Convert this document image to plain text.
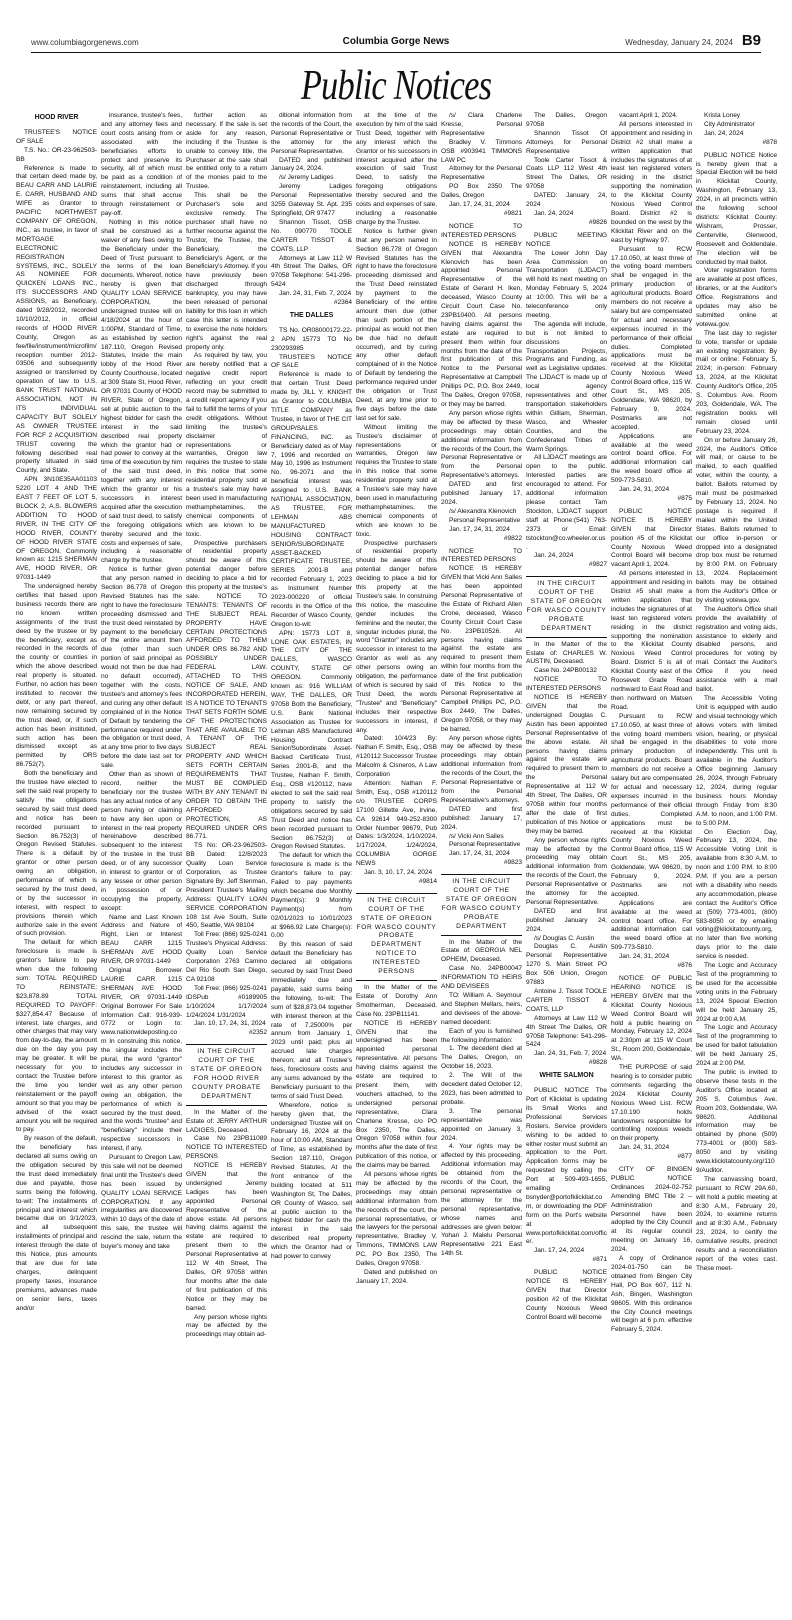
www.columbiagorgenews.com	Columbia Gorge News	Wednesday, January 24, 2024 B9
Public Notices
HOOD RIVER
TRUSTEE'S NOTICE OF SALE
T.S. No.: OR-23-962503-BB
Reference is made to that certain deed made by, BEAU CARR AND LAURIE E. CARR, HUSBAND AND WIFE as Grantor to PACIFIC NORTHWEST COMPANY OF OREGON, INC., as trustee, in favor of MORTGAGE ELECTRONIC REGISTRATION SYSTEMS, INC., SOLELY AS NOMINEE FOR QUICKEN LOANS INC., ITS SUCCESSORS AND ASSIGNS, as Beneficiary, dated 9/28/2012, recorded 10/10/2012, in official records of HOOD RIVER County, Oregon as fee/file/instrument/microfilm/reception number 2012-03506 and subsequently assigned or transferred by operation of law to U.S. BANK TRUST NATIONAL ASSOCIATION, NOT IN ITS INDIVIDUAL CAPACITY BUT SOLELY AS OWNER TRUSTEE FOR RCF 2 ACQUISITION TRUST covering the following described real property situated in said County, and State.
APN 3N10E35AA01103 5220 LOT 4 AND THE EAST 7 FEET OF LOT 5, BLOCK 2, A.S. BLOWERS ADDITION TO HOOD RIVER, IN THE CITY OF HOOD RIVER, COUNTY OF HOOD RIVER STATE OF OREGON. Commonly known as: 1215 SHERMAN AVE, HOOD RIVER, OR 97031-1449
The undersigned hereby certifies that based upon business records there are no known written assignments of the trust deed by the trustee or by the beneficiary, except as recorded in the records of the county or counties in which the above described real property is situated. Further, no action has been instituted to recover the debt, or any part thereof, now remaining secured by the trust deed, or, if such action has been instituted, such action has been dismissed except as permitted by ORS 86.752(7).
Both the beneficiary and the trustee have elected to sell the said real property to satisfy the obligations secured by said trust deed and notice has been recorded pursuant to Section 86.752(3) of Oregon Revised Statutes. There is a default by grantor or other person owing an obligation, performance of which is secured by the trust deed, or by the successor in interest, with respect to provisions therein which authorize sale in the event of such provision.
The default for which foreclosure is made is grantor's failure to pay when due the following sum: TOTAL REQUIRED TO REINSTATE: $23,878.89 TOTAL REQUIRED TO PAYOFF: $327,854.47 Because of interest, late charges, and other charges that may vary from day-to-day, the amount due on the day you pay may be greater. It will be necessary for you to contact the Trustee before the time you tender reinstatement or the payoff amount so that you may be advised of the exact amount you will be required to pay.
By reason of the default, the beneficiary has declared all sums owing on the obligation secured by the trust deed immediately due and payable, those sums being the following, to-wit: The installments of principal and interest which became due on 3/1/2023, and all subsequent installments of principal and interest through the date of this Notice, plus amounts that are due for late charges, delinquent property taxes, insurance premiums, advances made on senior liens, taxes and/or
insurance, trustee's fees, and any attorney fees and court costs arising from or associated with the beneficiaries efforts to protect and preserve its security, all of which must be paid as a condition of reinstatement, including all sums that shall accrue through reinstatement or pay-off.
Nothing in this notice shall be construed as a waiver of any fees owing to the Beneficiary under the Deed of Trust pursuant to the terms of the loan documents. Whereof, notice hereby is given that QUALITY LOAN SERVICE CORPORATION, the undersigned trustee will on 4/18/2024 at the hour of 1:00PM, Standard of Time, as established by section 187.110, Oregon Revised Statutes, Inside the main lobby of the Hood River County Courthouse, located at 309 State St, Hood River, OR 97031 County of HOOD RIVER, State of Oregon, sell at public auction to the highest bidder for cash the interest in the said described real property which the grantor had or had power to convey at the time of the execution by him of the said trust deed, together with any interest which the grantor or his successors in interest acquired after the execution of said trust deed, to satisfy the foregoing obligations thereby secured and the costs and expenses of sale, including a reasonable charge by the trustee.
Notice is further given that any person named in Section 86.778 of Oregon Revised Statutes has the right to have the foreclosure proceeding dismissed and the trust deed reinstated by payment to the beneficiary of the entire amount then due (other than such portion of said principal as would not then be due had no default occurred), together with the costs, trustee's and attorney's fees and curing any other default complained of in the Notice of Default by tendering the performance required under the obligation or trust deed, at any time prior to five days before the date last set for sale.
Other than as shown of record, neither the beneficiary nor the trustee has any actual notice of any person having or claiming to have any lien upon or interest in the real property hereinabove described subsequent to the interest of the trustee in the trust deed, or of any successor in interest to grantor or of any lessee or other person in possession of or occupying the property, except:
Name and Last Known Address and Nature of Right, Lien or Interest BEAU CARR 1215 SHERMAN AVE HOOD RIVER, OR 97031-1449
Original Borrower LAURIE CARR 1215 SHERMAN AVE HOOD RIVER, OR 97031-1449 Original Borrower For Sale Information Call: 916-939-0772 or Login to: www.nationwideposting.com In construing this notice, the singular includes the plural, the word "grantor" includes any successor in interest to this grantor as well as any other person owing an obligation, the performance of which is secured by the trust deed, and the words "trustee" and "beneficiary" include their respective successors in interest, if any.
Pursuant to Oregon Law, this sale will not be deemed final until the Trustee's deed has been issued by QUALITY LOAN SERVICE CORPORATION. If any irregularities are discovered within 10 days of the date of this sale, the trustee will rescind the sale, return the buyer's money and take
further action as necessary. If the sale is set aside for any reason, including if the Trustee is unable to convey title, the Purchaser at the sale shall be entitled only to a return of the monies paid to the Trustee.
This shall be the Purchaser's sole and exclusive remedy. The purchaser shall have no further recourse against the Trustor, the Trustee, the Beneficiary, the Beneficiary's Agent, or the Beneficiary's Attorney. If you have previously been discharged through bankruptcy, you may have been released of personal liability for this loan in which case this letter is intended to exercise the note holders right's against the real property only.
As required by law, you are hereby notified that a negative credit report reflecting on your credit record may be submitted to a credit report agency if you fail to fulfill the terms of your credit obligations. Without limiting the trustee's disclaimer of representations or warranties, Oregon law requires the trustee to state in this notice that some residential property sold at a trustee's sale may have been used in manufacturing methamphetamines, the chemical components of which are known to be toxic.
Prospective purchasers of residential property should be aware of this potential danger before deciding to place a bid for this property at the trustee's sale. NOTICE TO TENANTS: TENANTS OF THE SUBJECT REAL PROPERTY HAVE CERTAIN PROTECTIONS AFFORDED TO THEM UNDER ORS 86.782 AND POSSIBLY UNDER FEDERAL LAW. ATTACHED TO THIS NOTICE OF SALE, AND INCORPORATED HEREIN, IS A NOTICE TO TENANTS THAT SETS FORTH SOME OF THE PROTECTIONS THAT ARE AVAILABLE TO A TENANT OF THE SUBJECT REAL PROPERTY AND WHICH SETS FORTH CERTAIN REQUIREMENTS THAT MUST BE COMPLIED WITH BY ANY TENANT IN ORDER TO OBTAIN THE AFFORDED PROTECTION, AS REQUIRED UNDER ORS 86.771.
TS No: OR-23-962503-BB Dated: 12/8/2023 Quality Loan Service Corporation, as Trustee Signature By: Jeff Stenman, President Trustee's Mailing Address: QUALITY LOAN SERVICE CORPORATION 108 1st Ave South, Suite 450, Seattle, WA 98104
Toll Free: (866) 925-0241 Trustee's Physical Address: Quality Loan Service Corporation 2763 Camino Del Rio South San Diego, CA 92108
Toll Free: (866) 925-0241 IDSPub #0189905 1/10/2024 1/17/2024 1/24/2024 1/31/2024
Jan. 10, 17, 24, 31, 2024
#2352
IN THE CIRCUIT COURT OF THE STATE OF OREGON FOR HOOD RIVER COUNTY PROBATE DEPARTMENT
In the Matter of the Estate of: JERRY ARTHUR LADIGES, Deceased.
Case No 23PB11089 NOTICE TO INTERESTED PERSONS
NOTICE IS HEREBY GIVEN that the undersigned Jeremy Ladiges has been appointed Personal Representative of the above estate. All persons having claims against the estate are required to present them to the Personal Representative at 112 W 4th Street, The Dalles, OR 97058 within four months after the date of first publication of this Notice or they may be barred.
Any person whose rights may be affected by the proceedings may obtain ad-
ditional information from the records of the Court, the Personal Representative or the attorney for the Personal Representative.
DATED and published January 24, 2024.
/s/ Jeremy Ladiges
Jeremy Ladiges Personal Representative 3255 Gateway St. Apt. 235 Springfield, OR 97477
Shannon Tissot, OSB No. 090770 TOOLE CARTER TISSOT & COATS, LLP
Attorneys at Law 112 W 4th Street The Dalles, OR 97058 Telephone: 541-296-5424
Jan. 24, 31, Feb. 7, 2024
#2364
THE DALLES
TS No. OR08000172-22-2 APN 15773 TO No 230293985
TRUSTEE'S NOTICE OF SALE
Reference is made to that certain Trust Deed made by, JILL Y. KNIGHT as Grantor to COLUMBIA TITLE COMPANY as Trustee, in favor of THE CIT GROUP/SALES FINANCING, INC. as Beneficiary dated as of May 7, 1996 and recorded on May 10, 1996 as Instrument No. 96-2071 and the beneficial interest was assigned to U.S. BANK NATIONAL ASSOCIATION, AS TRUSTEE, FOR LEHMAN ABS MANUFACTURED HOUSING CONTRACT SENIOR/SUBORDINATE ASSET-BACKED CERTIFICATE TRUSTEE, SERIES 2001-B and recorded February 1, 2023 as Instrument Number 2023-000220 of official records in the Office of the Recorder of Wasco County, Oregon to-wit:
APN: 15773 LOT 8, LONE OAK ESTATES, IN THE CITY OF THE DALLES, WASCO COUNTY, STATE OF OREGON. Commonly known as: 916 WILLIAM WAY, THE DALLES, OR 97058 Both the Beneficiary, U.S. Bank National Association as Trustee for Lehman ABS Manufactured Housing Contract Senior/Subordinate Asset-Backed Certificate Trust, Series 2001-B, and the Trustee, Nathan F. Smith, Esq., OSB #120112, have elected to sell the said real property to satisfy the obligations secured by said Trust Deed and notice has been recorded pursuant to Section 86.752(3) of Oregon Revised Statutes.
The default for which the foreclosure is made is the Grantor's failure to pay: Failed to pay payments which became due Monthly Payment(s): 9 Monthly Payment(s) from 02/01/2023 to 10/01/2023 at $966.92 Late Charge(s): 0.00
By this reason of said default the Beneficiary has declared all obligations secured by said Trust Deed immediately due and payable, said sums being the following, to-wit: The sum of $28,873.04 together with interest thereon at the rate of 7.25000% per annum from January 1, 2023 until paid; plus all accrued late charges thereon; and all Trustee's fees, foreclosure costs and any sums advanced by the Beneficiary pursuant to the terms of said Trust Deed.
Wherefore, notice is hereby given that, the undersigned Trustee will on February 16, 2024 at the hour of 10:00 AM, Standard of Time, as established by Section 187.110, Oregon Revised Statutes, At the front entrance of the building located at 511 Washington St, The Dalles, OR County of Wasco, sell at public auction to the highest bidder for cash the interest in the said described real property which the Grantor had or had power to convey
at the time of the execution by him of the said Trust Deed, together with any interest which the Grantor or his successors in interest acquired after the execution of said Trust Deed, to satisfy the foregoing obligations thereby secured and the costs and expenses of sale, including a reasonable charge by the Trustee.
Notice is further given that any person named in Section 86.778 of Oregon Revised Statutes has the right to have the foreclosure proceeding dismissed and the Trust Deed reinstated by payment to the Beneficiary of the entire amount then due (other than such portion of the principal as would not then be due had no default occurred), and by curing any other default complained of in the Notice of Default by tendering the performance required under the obligation or Trust Deed, at any time prior to five days before the date last set for sale.
Without limiting the Trustee's disclaimer of representations or warranties, Oregon law requires the Trustee to state in this notice that some residential property sold at a Trustee's sale may have been used in manufacturing methamphetamines, the chemical components of which are known to be toxic.
Prospective purchasers of residential property should be aware of this potential danger before deciding to place a bid for this property at the Trustee's sale. In construing this notice, the masculine gender includes the feminine and the neuter, the singular includes plural, the word "Grantor" includes any successor in interest to the Grantor as well as any other persons owing an obligation, the performance of which is secured by said Trust Deed, the words "Trustee" and "Beneficiary" includes their respective successors in interest, if any.
Dated: 10/4/23 By: Nathan F. Smith, Esq., OSB #120112 Successor Trustee Malcolm & Cisneros, A Law Corporation
Attention: Nathan F. Smith, Esq., OSB #120112 c/o TRUSTEE CORPS 17100 Gillette Ave, Irvine, CA 92614 949-252-8300 Order Number 98679, Pub Dates: 1/3/2024, 1/10/2024, 1/17/2024, 1/24/2024, COLUMBIA GORGE NEWS
Jan. 3, 10, 17, 24, 2024
#9814
IN THE CIRCUIT COURT OF THE STATE OF OREGON FOR WASCO COUNTY PROBATE DEPARTMENT NOTICE TO INTERESTED PERSONS
In the Matter of the Estate of Dorothy Ann Smotherman, Deceased. Case No. 23PB11141.
NOTICE IS HEREBY GIVEN that the undersigned has been appointed personal representative. All persons having claims against the estate are required to present them, with vouchers attached, to the undersigned personal representative, Clara Charlene Kresse, c/o PO Box 2350, The Dalles, Oregon 97058 within four months after the date of first publication of this notice, or the claims may be barred.
All persons whose rights may be affected by the proceedings may obtain additional information from the records of the court, the personal representative, or the lawyers for the personal representative, Bradley V. Timmons, TIMMONS LAW PC, PO Box 2350, The Dalles, Oregon 97058.
Dated and published on January 17, 2024.
/s/ Clara Charlene Kresse, Personal Representative
Bradley V. Timmons OSB #903941 TIMMONS LAW PC
Attorney for the Personal Representative
PO Box 2350 The Dalles, Oregon
Jan. 17, 24, 31, 2024
#9821
NOTICE TO INTERESTED PERSONS
NOTICE IS HEREBY GIVEN that Alexandra Klenovich has been appointed Personal Representative of the Estate of Gerard H. Iken, deceased, Wasco County Circuit Court Case No. 23PB10400. All persons having claims against the estate are required to present them within four months from the date of the first publication of this Notice to the Personal Representative at Campbell Phillips PC, P.O. Box 2449, The Dalles, Oregon 97058, or they may be barred.
Any person whose rights may be affected by these proceedings may obtain additional information from the records of the Court, the Personal Representative or from the Personal Representative's attorneys.
DATED and first published January 17, 2024.
/s/ Alexandra Klenovich
Personal Representative
Jan. 17, 24, 31, 2024
#9822
NOTICE TO INTERESTED PERSONS
NOTICE IS HEREBY GIVEN that Vicki Ann Salles has been appointed Personal Representative of the Estate of Richard Allen Crone, deceased, Wasco County Circuit Court Case No. 23PB10526. All persons having claims against the estate are required to present them within four months from the date of the first publication of this Notice to the Personal Representative at Campbell Phillips PC, P.O. Box 2449, The Dalles, Oregon 97058, or they may be barred.
Any person whose rights may be affected by these proceedings may obtain additional information from the records of the Court, the Personal Representative or from the Personal Representative's attorneys.
DATED and first published: January 17, 2024.
/s/ Vicki Ann Salles
Personal Representative
Jan. 17, 24, 31, 2024
#9823
IN THE CIRCUIT COURT OF THE STATE OF OREGON FOR WASCO COUNTY PROBATE DEPARTMENT
In the Matter of the Estate of: GEORGIA NEL OPHEIM, Deceased.
Case No. 24PB00047 INFORMATION TO HEIRS AND DEVISEES
TO: William A. Seymour and Stephen Mellars, heirs, and devisees of the above-named decedent:
Each of you is furnished the following information:
1. The decedent died at The Dalles, Oregon, on October 16, 2023.
2. The Will of the decedent dated October 12, 2023, has been admitted to probate.
3. The personal representative was appointed on January 3, 2024.
4. Your rights may be affected by this proceeding. Additional information may be obtained from the records of the Court, the personal representative or the attorney for the personal representative, whose names and addresses are given below: Yohan J. Malelu Personal Representative 221 East 14th St.
The Dalles, Oregon 97058
Shannon Tissot Of Attorneys for Personal Representative
Toole Carter Tissot & Coats LLP 112 West 4th Street The Dalles, OR 97058
DATED: January 24, 2024
Jan. 24, 2024
#9826
PUBLIC MEETING NOTICE
The Lower John Day Area Commission on Transportation (LJDACT) will hold its next meeting on Monday February 5, 2024 at 10:00. This will be a teleconference only meeting.
The agenda will include, but is not limited to discussions on Transportation Projects, Programs and Funding, as well as Legislative updates. The LJDACT is made up of local agency representatives and other transportation stakeholders within Gilliam, Sherman, Wasco, and Wheeler Counties, and the Confederated Tribes of Warm Springs.
All LJDACT meetings are open to the public. Interested parties are encouraged to attend. For additional information please contact Tam Stockton, LJDACT support staff at Phone:(541) 763-2373 or Email: tstockton@co.wheeler.or.us.
Jan. 24, 2024
#9827
IN THE CIRCUIT COURT OF THE STATE OF OREGON FOR WASCO COUNTY PROBATE DEPARTMENT
In the Matter of the Estate of: CHARLES W. AUSTIN, Deceased.
Case No. 24PB00132
NOTICE TO INTERESTED PERSONS
NOTICE IS HEREBY GIVEN that the undersigned Douglas C. Austin has been appointed Personal Representative of the above estate. All persons having claims against the estate are required to present them to the Personal Representative at 112 W 4th Street, The Dalles, OR 97058 within four months after the date of first publication of this Notice or they may be barred.
Any person whose rights may be affected by the proceeding may obtain additional information from the records of the Court, the Personal Representative or the attorney for the Personal Representative.
DATED and first published January 24, 2024.
/s/ Douglas C. Austin
Douglas C. Austin Personal Representative 1270 S. Main Street PO Box 506 Union, Oregon 97883
Antoine J. Tissot TOOLE CARTER TISSOT & COATS, LLP
Attorneys at Law 112 W 4th Street The Dalles, OR 97058 Telephone: 541-296-5424
Jan. 24, 31, Feb. 7, 2024
#9828
WHITE SALMON
PUBLIC NOTICE The Port of Klickitat is updating its Small Works and Professional Services Rosters. Service providers wishing to be added to either roster must submit an application to the Port. Application forms may be requested by calling the Port at 509-493-1655, emailing bsnyder@portofklickitat.com, or downloading the PDF form on the Port's website at www.portofklickitat.com/office/.
Jan. 17, 24, 2024
#871
PUBLIC NOTICE NOTICE IS HEREBY GIVEN that Director position #2 of the Klickitat County Noxious Weed Control Board will become
vacant April 1, 2024.
All persons interested in appointment and residing in District #2 shall make a written application that includes the signatures of at least ten registered voters residing in the district supporting the nomination to the Klickitat County Noxious Weed Control Board. District #2 is bounded on the west by the Klickitat River and on the east by Highway 97.
Pursuant to RCW 17.10.050, at least three of the voting board members shall be engaged in the primary production of agricultural products. Board members do not receive a salary but are compensated for actual and necessary expenses incurred in the performance of their official duties. Completed applications must be received at the Klickitat County Noxious Weed Control Board office, 115 W. Court St., MS 205, Goldendale, WA 98620, by February 9, 2024. Postmarks are not accepted.
Applications are available at the weed control board office. For additional information call the weed board office at 509-773-5810.
Jan. 24, 31, 2024
#875
PUBLIC NOTICE NOTICE IS HEREBY GIVEN that Director position #5 of the Klickitat County Noxious Weed Control Board will become vacant April 1, 2024.
All persons interested in appointment and residing in District #5 shall make a written application that includes the signatures of at least ten registered voters residing in the district supporting the nomination to the Klickitat County Noxious Weed Control Board. District 5 is all of Klickitat County east of the Roosevelt Grade Road northward to East Road and then northward on Matsen Road.
Pursuant to RCW 17.10.050, at least three of the voting board members shall be engaged in the primary production of agricultural products. Board members do not receive a salary but are compensated for actual and necessary expenses incurred in the performance of their official duties. Completed applications must be received at the Klickitat County Noxious Weed Control Board office, 115 W Court St., MS 205, Goldendale, WA 98620, by February 9, 2024. Postmarks are not accepted.
Applications are available at the weed control board office. For additional information call the weed board office at 509-773-5810.
Jan. 24, 31, 2024
#876
NOTICE OF PUBLIC HEARING NOTICE IS HEREBY GIVEN that the Klickitat County Noxious Weed Control Board will hold a public hearing on Monday, February 12, 2024 at 2:30pm at 115 W Court St., Room 200, Goldendale, WA.
THE PURPOSE of said hearing is to consider public comments regarding the 2024 Klickitat County Noxious Weed List. RCW 17.10.190 holds landowners responsible for controlling noxious weeds on their property.
Jan. 24, 31, 2024
#877
CITY OF BINGEN PUBLIC NOTICE Ordinances 2024-02-752 Amending BMC Title 2 – Administration and Personnel have been adopted by the City Council at its regular council meeting on January 16, 2024.
A copy of Ordinance 2024-01-750 can be obtained from Bingen City Hall, PO Box 607, 112 N. Ash, Bingen, Washington 98605. With this ordinance the City Council meetings will begin at 6 p.m. effective February 5, 2024.
Krista Loney
City Administrator
Jan. 24, 2024
#878
PUBLIC NOTICE Notice is hereby given that a Special Election will be held in Klickitat County, Washington, February 13, 2024, in all precincts within the following school districts: Klickitat County: Wishram, Prosser, Centerville, Glenwood, Roosevelt and Goldendale. The election will be conducted by mail ballot.
Voter registration forms are available at post offices, libraries, or at the Auditor's Office. Registrations and updates may also be submitted online at votewa.gov.
The last day to register to vote, transfer or update an existing registration: By mail or online: February 5, 2024; in-person: February 13, 2024, at the Klickitat County Auditor's Office, 205 S. Columbus Ave. Room 203, Goldendale, WA. The registration books will remain closed until February 23, 2024.
On or before January 26, 2024, the Auditor's Office will mail, or cause to be mailed, to each qualified voter, within the county, a ballot. Ballots returned by mail must be postmarked by February 13, 2024. No postage is required if mailed within the United States. Ballots returned to our office in-person or dropped into a designated drop box must be returned by 8:00 P.M. on February 13, 2024. Replacement ballots may be obtained from the Auditor's Office or by visiting votewa.gov.
The Auditor's Office shall provide the availability of registration and voting aids, assistance to elderly and disabled persons, and procedures for voting by mail. Contact the Auditor's Office if you need assistance with a mail ballot.
The Accessible Voting Unit is equipped with audio and visual technology which allows voters with limited vision, hearing, or physical disabilities to vote more independently. This unit is available in the Auditor's Office beginning January 26, 2024, through February 12, 2024, during regular business hours Monday through Friday from 8:30 A.M. to noon, and 1:00 P.M. to 5:00 P.M.
On Election Day, February 13, 2024, the Accessible Voting Unit is available from 8:30 A.M. to noon and 1:00 P.M. to 8:00 P.M. If you are a person with a disability who needs any accommodation, please contact the Auditor's Office at (509) 773-4001, (800) 583-8050 or by emailing voting@klickitatcounty.org, no later than five working days prior to the date service is needed.
The Logic and Accuracy Test of the programming to be used for the accessible voting units in the February 13, 2024 Special Election will be held January 25, 2024 at 9:00 A.M.
The Logic and Accuracy Test of the programming to be used for ballot tabulation will be held January 25, 2024 at 2:00 PM.
The public is invited to observe these tests in the Auditor's Office located at 205 S. Columbus Ave. Room 203, Goldendale, WA 98620. Additional information may be obtained by phone (509) 773-4001 or (800) 583-8050 and by visiting www.klickitatcounty.org/1109/Auditor.
The canvassing board, pursuant to RCW 29A.60, will hold a public meeting at 8:30 A.M., February 20, 2024, to examine returns and at 8:30 A.M., February 23, 2024, to certify the cumulative results, precinct results and a reconciliation report of the votes cast. These meet-
